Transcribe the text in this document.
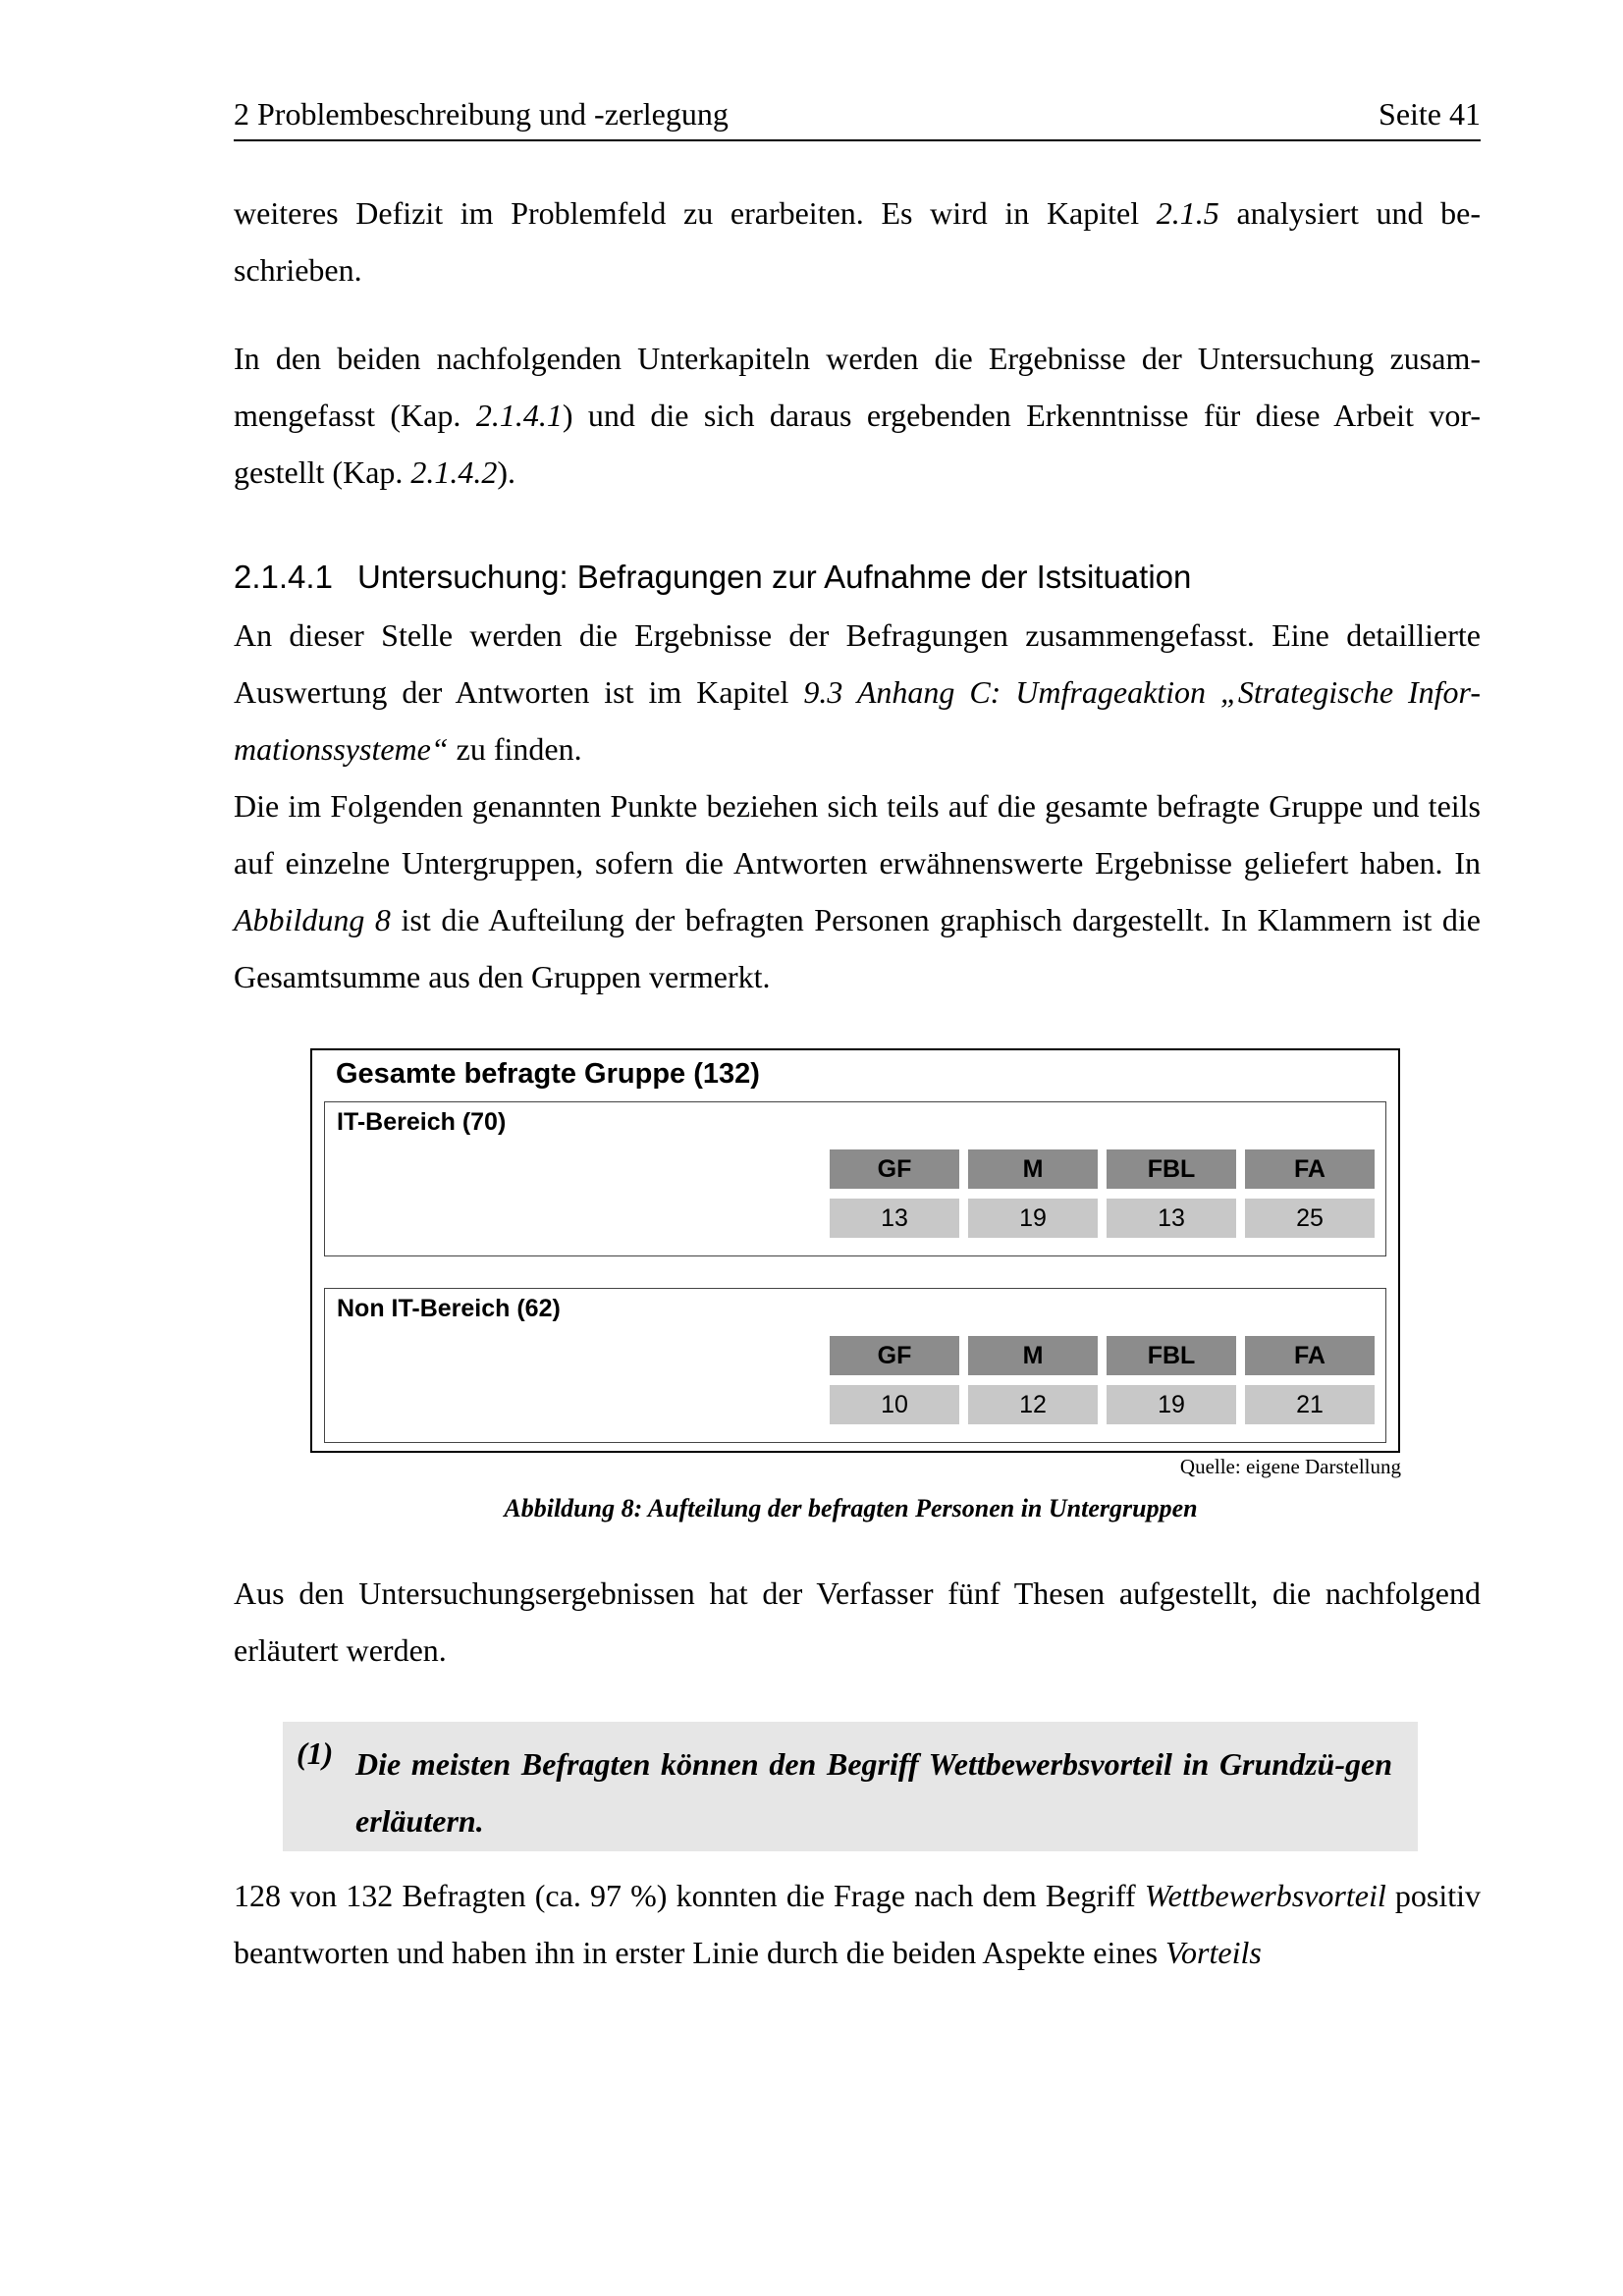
2 Problembeschreibung und -zerlegung	Seite 41

weiteres Defizit im Problemfeld zu erarbeiten. Es wird in Kapitel 2.1.5 analysiert und be-schrieben.

In den beiden nachfolgenden Unterkapiteln werden die Ergebnisse der Untersuchung zusam-mengefasst (Kap. 2.1.4.1) und die sich daraus ergebenden Erkenntnisse für diese Arbeit vor-gestellt (Kap. 2.1.4.2).

2.1.4.1 Untersuchung: Befragungen zur Aufnahme der Istsituation

An dieser Stelle werden die Ergebnisse der Befragungen zusammengefasst. Eine detaillierte Auswertung der Antworten ist im Kapitel 9.3 Anhang C: Umfrageaktion „Strategische Infor-mationssysteme“ zu finden.

Die im Folgenden genannten Punkte beziehen sich teils auf die gesamte befragte Gruppe und teils auf einzelne Untergruppen, sofern die Antworten erwähnenswerte Ergebnisse geliefert haben. In Abbildung 8 ist die Aufteilung der befragten Personen graphisch dargestellt. In Klammern ist die Gesamtsumme aus den Gruppen vermerkt.

Gesamte befragte Gruppe (132)
IT-Bereich (70)
GF	M	FBL	FA
13	19	13	25
Non IT-Bereich (62)
GF	M	FBL	FA
10	12	19	21
Quelle: eigene Darstellung
Abbildung 8: Aufteilung der befragten Personen in Untergruppen

Aus den Untersuchungsergebnissen hat der Verfasser fünf Thesen aufgestellt, die nachfolgend erläutert werden.

(1) Die meisten Befragten können den Begriff Wettbewerbsvorteil in Grundzü-gen erläutern.

128 von 132 Befragten (ca. 97 %) konnten die Frage nach dem Begriff Wettbewerbsvorteil positiv beantworten und haben ihn in erster Linie durch die beiden Aspekte eines Vorteils
